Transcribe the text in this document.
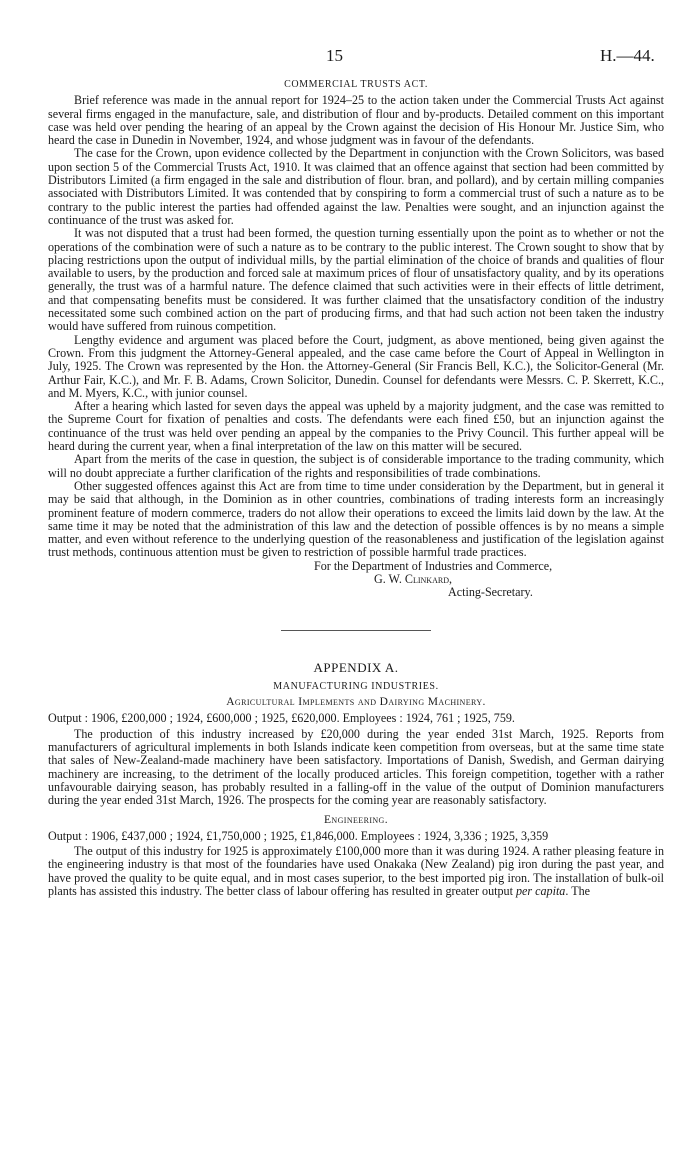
15	H.—44.
COMMERCIAL TRUSTS ACT.

Brief reference was made in the annual report for 1924–25 to the action taken under the Commercial Trusts Act against several firms engaged in the manufacture, sale, and distribution of flour and by-products. Detailed comment on this important case was held over pending the hearing of an appeal by the Crown against the decision of His Honour Mr. Justice Sim, who heard the case in Dunedin in November, 1924, and whose judgment was in favour of the defendants.

The case for the Crown, upon evidence collected by the Department in conjunction with the Crown Solicitors, was based upon section 5 of the Commercial Trusts Act, 1910. It was claimed that an offence against that section had been committed by Distributors Limited (a firm engaged in the sale and distribution of flour. bran, and pollard), and by certain milling companies associated with Distributors Limited. It was contended that by conspiring to form a commercial trust of such a nature as to be contrary to the public interest the parties had offended against the law. Penalties were sought, and an injunction against the continuance of the trust was asked for.

It was not disputed that a trust had been formed, the question turning essentially upon the point as to whether or not the operations of the combination were of such a nature as to be contrary to the public interest. The Crown sought to show that by placing restrictions upon the output of individual mills, by the partial elimination of the choice of brands and qualities of flour available to users, by the production and forced sale at maximum prices of flour of unsatisfactory quality, and by its operations generally, the trust was of a harmful nature. The defence claimed that such activities were in their effects of little detriment, and that compensating benefits must be considered. It was further claimed that the unsatisfactory condition of the industry necessitated some such combined action on the part of producing firms, and that had such action not been taken the industry would have suffered from ruinous competition.

Lengthy evidence and argument was placed before the Court, judgment, as above mentioned, being given against the Crown. From this judgment the Attorney-General appealed, and the case came before the Court of Appeal in Wellington in July, 1925. The Crown was represented by the Hon. the Attorney-General (Sir Francis Bell, K.C.), the Solicitor-General (Mr. Arthur Fair, K.C.), and Mr. F. B. Adams, Crown Solicitor, Dunedin. Counsel for defendants were Messrs. C. P. Skerrett, K.C., and M. Myers, K.C., with junior counsel.

After a hearing which lasted for seven days the appeal was upheld by a majority judgment, and the case was remitted to the Supreme Court for fixation of penalties and costs. The defendants were each fined £50, but an injunction against the continuance of the trust was held over pending an appeal by the companies to the Privy Council. This further appeal will be heard during the current year, when a final interpretation of the law on this matter will be secured.

Apart from the merits of the case in question, the subject is of considerable importance to the trading community, which will no doubt appreciate a further clarification of the rights and responsibilities of trade combinations.

Other suggested offences against this Act are from time to time under consideration by the Department, but in general it may be said that although, in the Dominion as in other countries, combinations of trading interests form an increasingly prominent feature of modern commerce, traders do not allow their operations to exceed the limits laid down by the law. At the same time it may be noted that the administration of this law and the detection of possible offences is by no means a simple matter, and even without reference to the underlying question of the reasonableness and justification of the legislation against trust methods, continuous attention must be given to restriction of possible harmful trade practices.

For the Department of Industries and Commerce,
G. W. Clinkard,
Acting-Secretary.
APPENDIX A.
MANUFACTURING INDUSTRIES.
Agricultural Implements and Dairying Machinery.
Output : 1906, £200,000 ; 1924, £600,000 ; 1925, £620,000. Employees : 1924, 761 ; 1925, 759.

The production of this industry increased by £20,000 during the year ended 31st March, 1925. Reports from manufacturers of agricultural implements in both Islands indicate keen competition from overseas, but at the same time state that sales of New-Zealand-made machinery have been satisfactory. Importations of Danish, Swedish, and German dairying machinery are increasing, to the detriment of the locally produced articles. This foreign competition, together with a rather unfavourable dairying season, has probably resulted in a falling-off in the value of the output of Dominion manufacturers during the year ended 31st March, 1926. The prospects for the coming year are reasonably satisfactory.

Engineering.
Output : 1906, £437,000 ; 1924, £1,750,000 ; 1925, £1,846,000. Employees : 1924, 3,336 ; 1925, 3,359

The output of this industry for 1925 is approximately £100,000 more than it was during 1924. A rather pleasing feature in the engineering industry is that most of the foundaries have used Onakaka (New Zealand) pig iron during the past year, and have proved the quality to be quite equal, and in most cases superior, to the best imported pig iron. The installation of bulk-oil plants has assisted this industry. The better class of labour offering has resulted in greater output per capita. The
